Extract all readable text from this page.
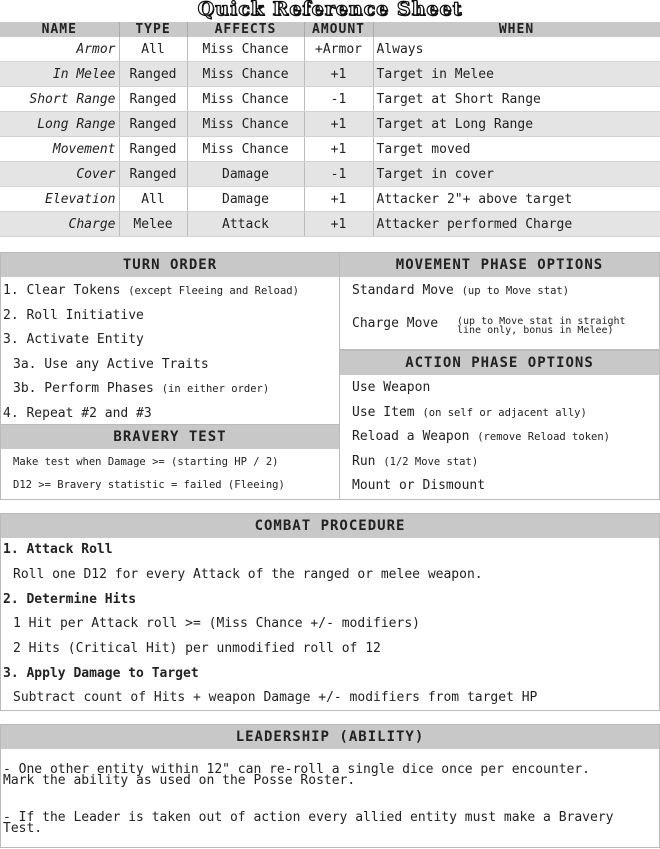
Quick Reference Sheet
NAME	TYPE	AFFECTS	AMOUNT	WHEN
Armor	All	Miss Chance	+Armor	Always
In Melee	Ranged	Miss Chance	+1	Target in Melee
Short Range	Ranged	Miss Chance	-1	Target at Short Range
Long Range	Ranged	Miss Chance	+1	Target at Long Range
Movement	Ranged	Miss Chance	+1	Target moved
Cover	Ranged	Damage	-1	Target in cover
Elevation	All	Damage	+1	Attacker 2"+ above target
Charge	Melee	Attack	+1	Attacker performed Charge
TURN ORDER
1. Clear Tokens (except Fleeing and Reload)
2. Roll Initiative
3. Activate Entity
3a. Use any Active Traits
3b. Perform Phases (in either order)
4. Repeat #2 and #3
BRAVERY TEST
Make test when Damage >= (starting HP / 2)
D12 >= Bravery statistic = failed (Fleeing)
MOVEMENT PHASE OPTIONS
Standard Move (up to Move stat)
Charge Move (up to Move stat in straight
line only, bonus in Melee)
ACTION PHASE OPTIONS
Use Weapon
Use Item (on self or adjacent ally)
Reload a Weapon (remove Reload token)
Run (1/2 Move stat)
Mount or Dismount
COMBAT PROCEDURE
1. Attack Roll
Roll one D12 for every Attack of the ranged or melee weapon.
2. Determine Hits
1 Hit per Attack roll >= (Miss Chance +/- modifiers)
2 Hits (Critical Hit) per unmodified roll of 12
3. Apply Damage to Target
Subtract count of Hits + weapon Damage +/- modifiers from target HP
LEADERSHIP (ABILITY)
- One other entity within 12" can re-roll a single dice once per encounter.
Mark the ability as used on the Posse Roster.
- If the Leader is taken out of action every allied entity must make a Bravery
Test.
